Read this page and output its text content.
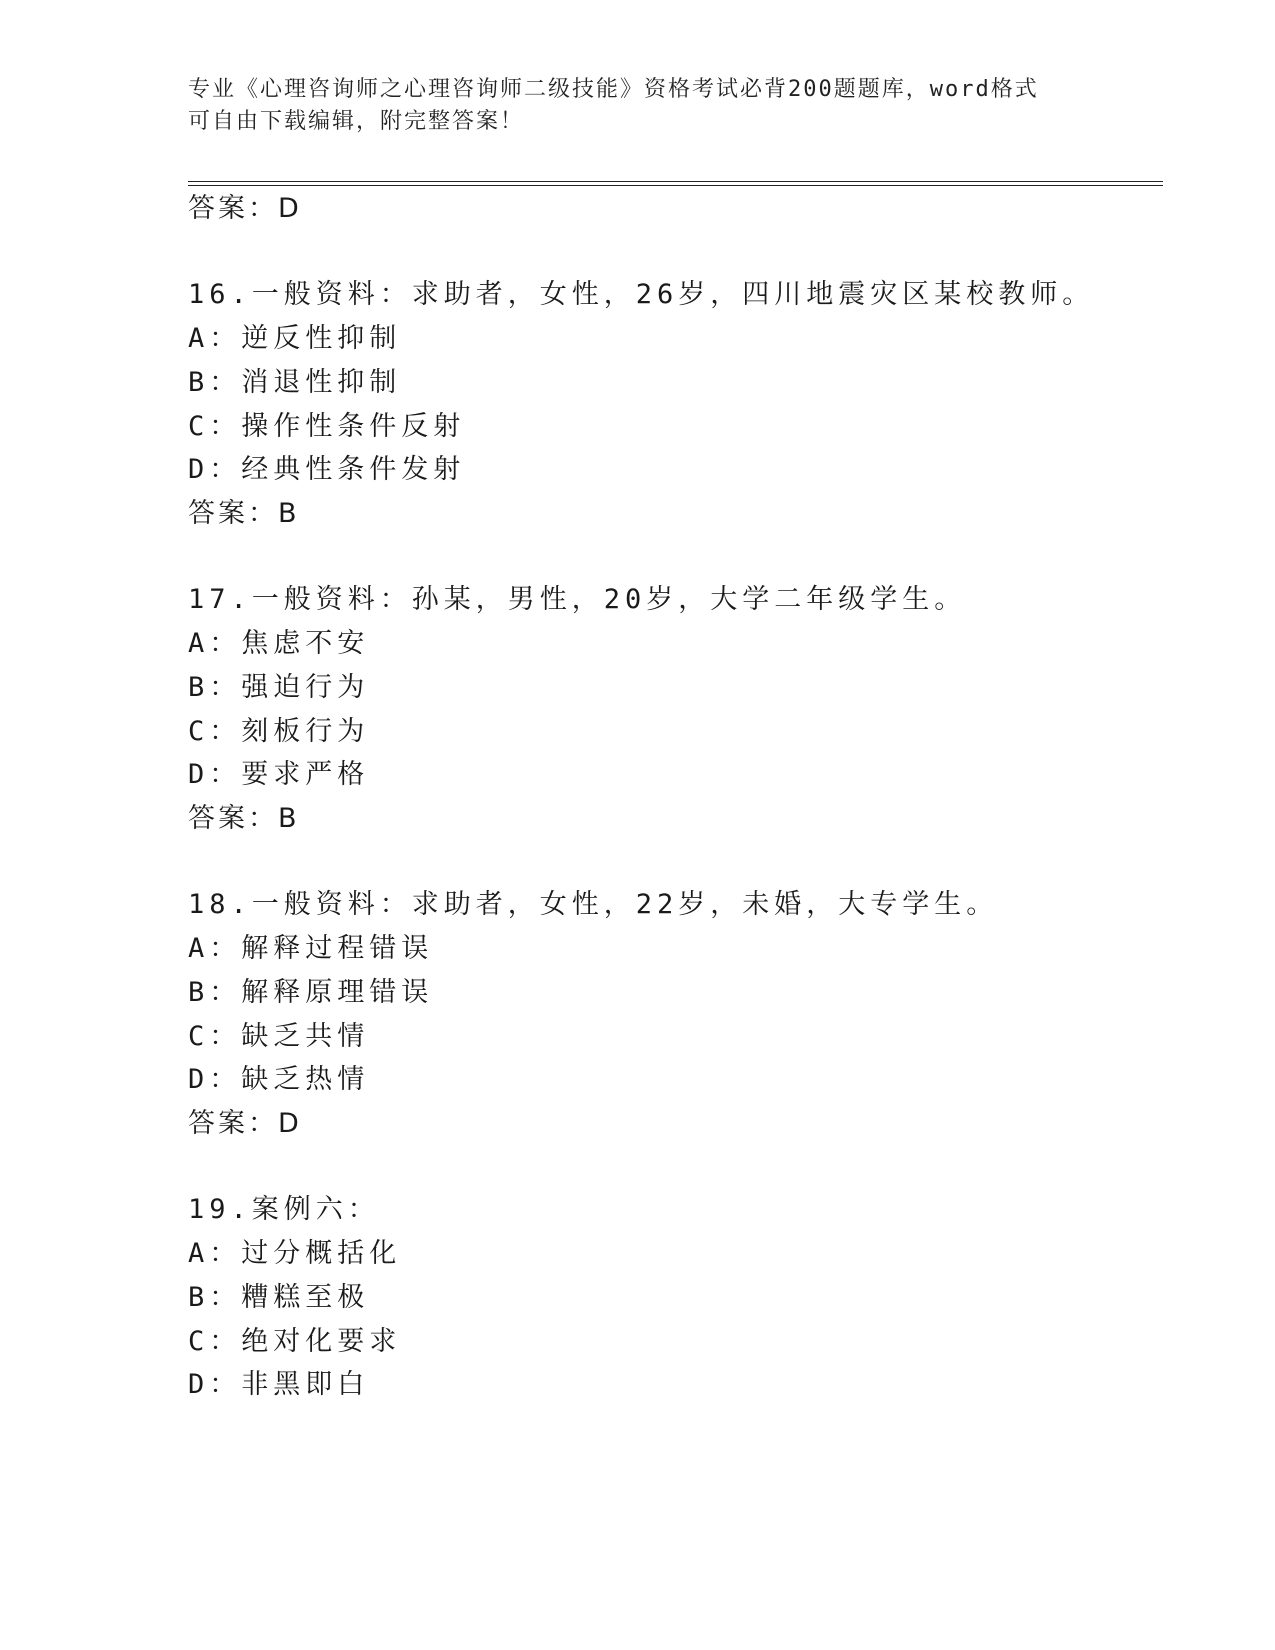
专业《心理咨询师之心理咨询师二级技能》资格考试必背200题题库，word格式
可自由下载编辑，附完整答案！
答案：D
16.一般资料：求助者，女性，26岁，四川地震灾区某校教师。
A：逆反性抑制
B：消退性抑制
C：操作性条件反射
D：经典性条件发射
答案：B
17.一般资料：孙某，男性，20岁，大学二年级学生。
A：焦虑不安
B：强迫行为
C：刻板行为
D：要求严格
答案：B
18.一般资料：求助者，女性，22岁，未婚，大专学生。
A：解释过程错误
B：解释原理错误
C：缺乏共情
D：缺乏热情
答案：D
19.案例六：
A：过分概括化
B：糟糕至极
C：绝对化要求
D：非黑即白
